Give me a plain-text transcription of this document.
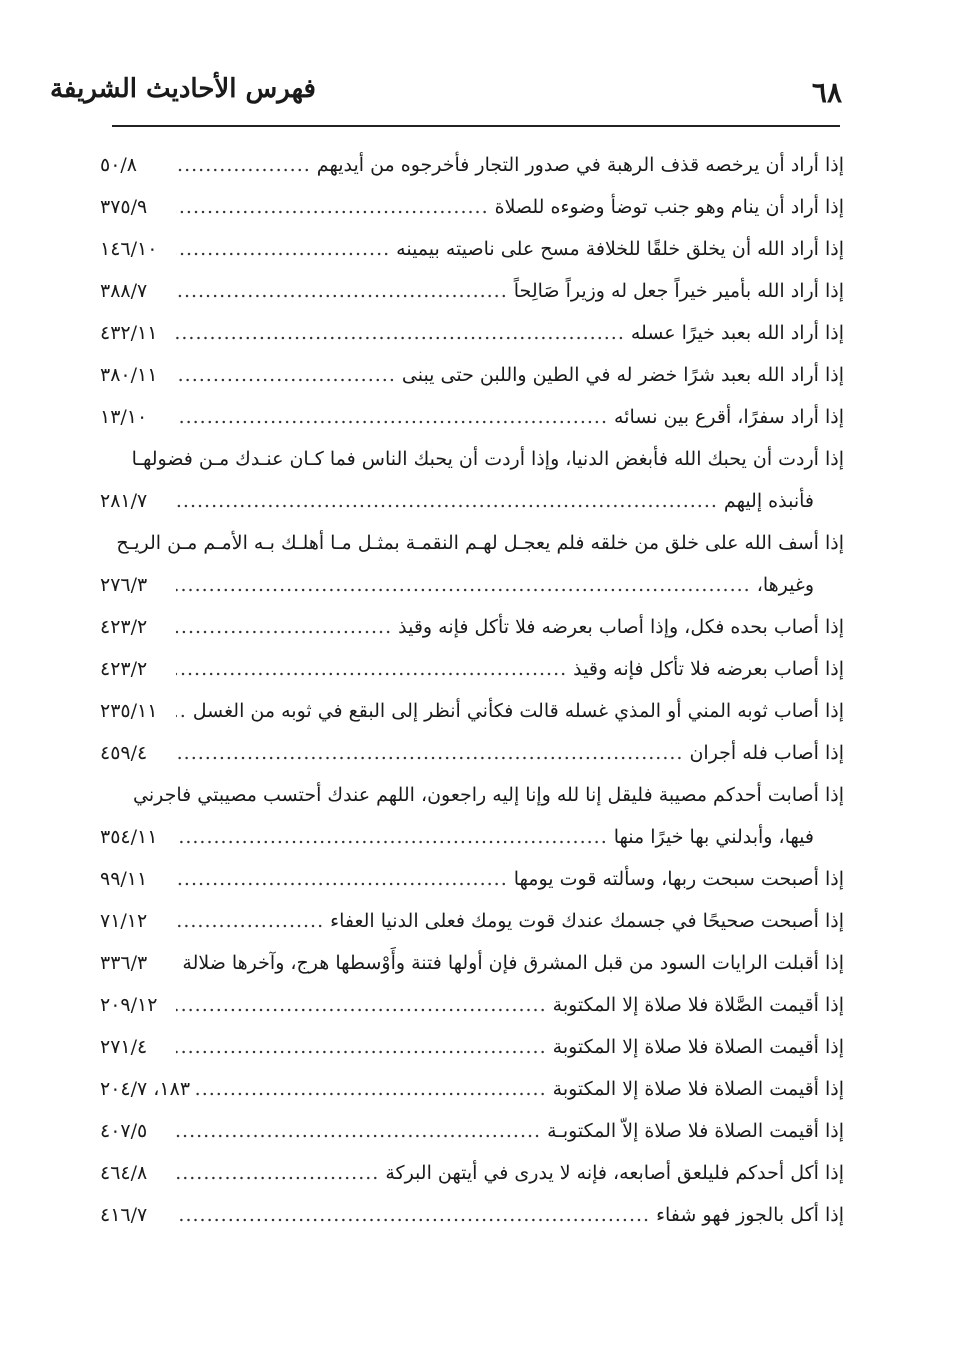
فهرس الأحاديث الشريفة	٦٨
إذا أراد أن يرخصه قذف الرهبة في صدور التجار فأخرجوه من أيديهم
.....
٥٠/٨
إذا أراد أن ينام وهو جنب توضأ وضوءه للصلاة
.....
٣٧٥/٩
إذا أراد الله أن يخلق خلقًا للخلافة مسح على ناصيته بيمينه
.....
١٤٦/١٠
إذا أراد الله بأمير خيراً جعل له وزيراً صَالِحاً
.....
٣٨٨/٧
إذا أراد الله بعبد خيرًا عسله
.....
٤٣٢/١١
إذا أراد الله بعبد شرًا خضر له في الطين واللبن حتى يبنى
.....
٣٨٠/١١
إذا أراد سفرًا، أقرع بين نسائه
.....
١٣/١٠
إذا أردت أن يحبك الله فأبغض الدنيا، وإذا أردت أن يحبك الناس فما كـان عنـدك مـن فضولهـا
فأنبذه إليهم
.....
٢٨١/٧
إذا أسف الله على خلق من خلقه فلم يعجـل لهـم النقمـة بمثـل مـا أهلـك بـه الأمـم مـن الريـح
وغيرها،
.....
٢٧٦/٣
إذا أصاب بحده فكل، وإذا أصاب بعرضه فلا تأكل فإنه وقيذ
.....
٤٢٣/٢
إذا أصاب بعرضه فلا تأكل فإنه وقيذ
.....
٤٢٣/٢
إذا أصاب ثوبه المني أو المذي غسله قالت فكأني أنظر إلى البقع في ثوبه من الغسل
.....
٢٣٥/١١
إذا أصاب فله أجران
.....
٤٥٩/٤
إذا أصابت أحدكم مصيبة فليقل إنا لله وإنا إليه راجعون، اللهم عندك أحتسب مصيبتي فاجرني
فيها، وأبدلني بها خيرًا منها
.....
٣٥٤/١١
إذا أصبحت سبحت ربها، وسألته قوت يومها
.....
٩٩/١١
إذا أصبحت صحيحًا في جسمك عندك قوت يومك فعلى الدنيا العفاء
.....
٧١/١٢
إذا أقبلت الرايات السود من قبل المشرق فإن أولها فتنة وأَوْسطها هرج، وآخرها ضلالة
.....
٣٣٦/٣
إذا أقيمت الصَّلاة فلا صلاة إلا المكتوبة
.....
٢٠٩/١٢
إذا أقيمت الصلاة فلا صلاة إلا المكتوبة
.....
٢٧١/٤
إذا أقيمت الصلاة فلا صلاة إلا المكتوبة
.....
١٨٣، ٢٠٤/٧
إذا أقيمت الصلاة فلا صلاة إلاّ المكتوبـة
.....
٤٠٧/٥
إذا أكل أحدكم فليلعق أصابعه، فإنه لا يدرى في أيتهن البركة
.....
٤٦٤/٨
إذا أكل بالجوز فهو شفاء
.....
٤١٦/٧
